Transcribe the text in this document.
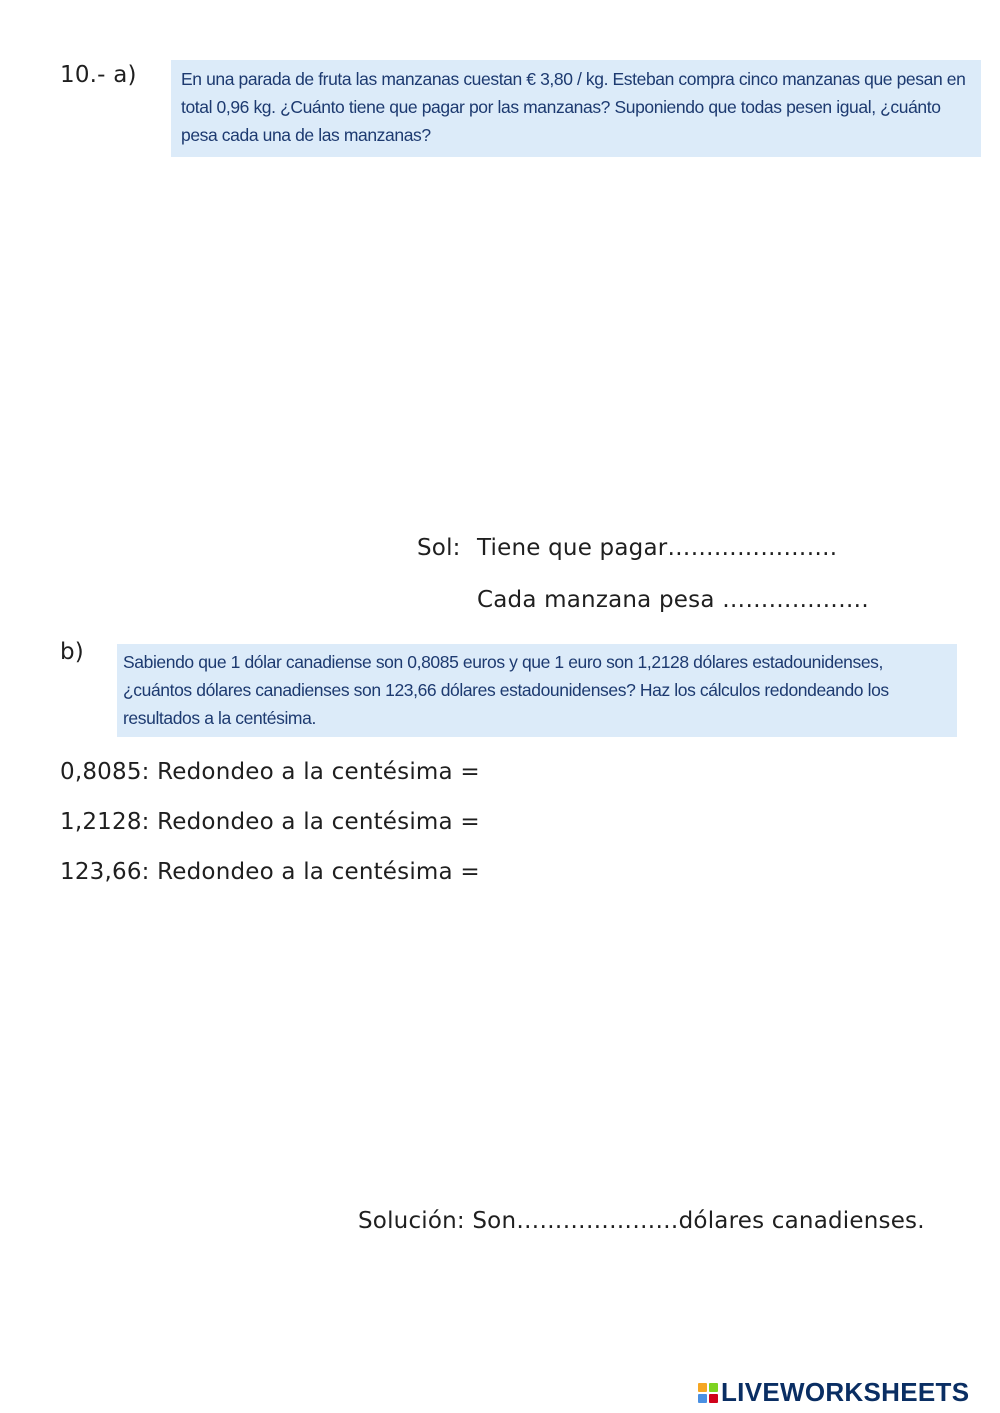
10.- a)	En una parada de fruta las manzanas cuestan € 3,80 / kg. Esteban compra cinco manzanas que pesan en total 0,96 kg. ¿Cuánto tiene que pagar por las manzanas? Suponiendo que todas pesen igual, ¿cuánto pesa cada una de las manzanas?
Sol: Tiene que pagar………………….
Cada manzana pesa ……………….
b)	Sabiendo que 1 dólar canadiense son 0,8085 euros y que 1 euro son 1,2128 dólares estadounidenses, ¿cuántos dólares canadienses son 123,66 dólares estadounidenses? Haz los cálculos redondeando los resultados a la centésima.
0,8085: Redondeo a la centésima =
1,2128: Redondeo a la centésima =
123,66: Redondeo a la centésima =
Solución: Son…………………dólares canadienses.
LIVEWORKSHEETS
